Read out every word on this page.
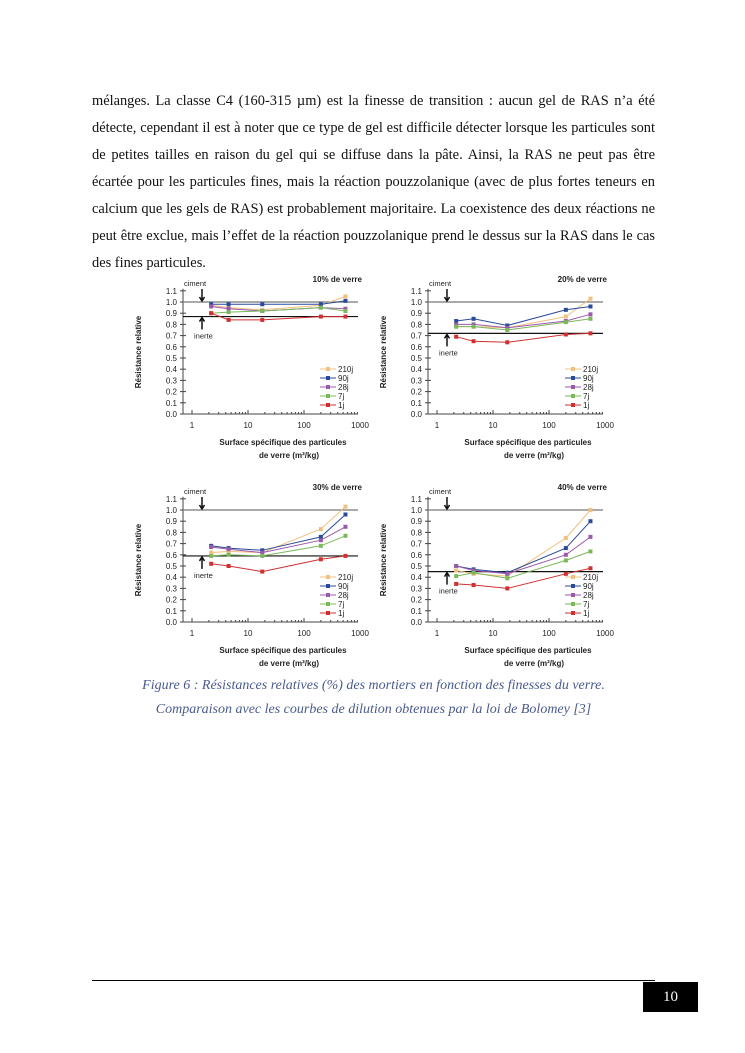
mélanges. La classe C4 (160-315 µm) est la finesse de transition : aucun gel de RAS n’a été détecte, cependant il est à noter que ce type de gel est difficile détecter lorsque les particules sont de petites tailles en raison du gel qui se diffuse dans la pâte. Ainsi, la RAS ne peut pas être écartée pour les particules fines, mais la réaction pouzzolanique (avec de plus fortes teneurs en calcium que les gels de RAS) est probablement majoritaire. La coexistence des deux réactions ne peut être exclue, mais l’effet de la réaction pouzzolanique prend le dessus sur la RAS dans le cas des fines particules.

10% de verre
Résistance relative
0.0
0.1
0.2
0.3
0.4
0.5
0.6
0.7
0.8
0.9
1.0
1.1
1	10	100	1000
Surface spécifique des particules
de verre (m²/kg)
ciment
inerte
210j
90j
28j
7j
1j
20% de verre
Résistance relative
0.0
0.1
0.2
0.3
0.4
0.5
0.6
0.7
0.8
0.9
1.0
1.1
1	10	100	1000
Surface spécifique des particules
de verre (m²/kg)
ciment
inerte
210j
90j
28j
7j
1j
30% de verre
Résistance relative
0.0
0.1
0.2
0.3
0.4
0.5
0.6
0.7
0.8
0.9
1.0
1.1
1	10	100	1000
Surface spécifique des particules
de verre (m²/kg)
ciment
inerte	210j
90j
28j
7j
1j
40% de verre
Résistance relative
0.0
0.1
0.2
0.3
0.4
0.5
0.6
0.7
0.8
0.9
1.0
1.1
1	10	100	1000
Surface spécifique des particules
de verre (m²/kg)
ciment
inerte
210j
90j
28j
7j
1j
Figure 6 : Résistances relatives (%) des mortiers en fonction des finesses du verre.
Comparaison avec les courbes de dilution obtenues par la loi de Bolomey [3]
10
